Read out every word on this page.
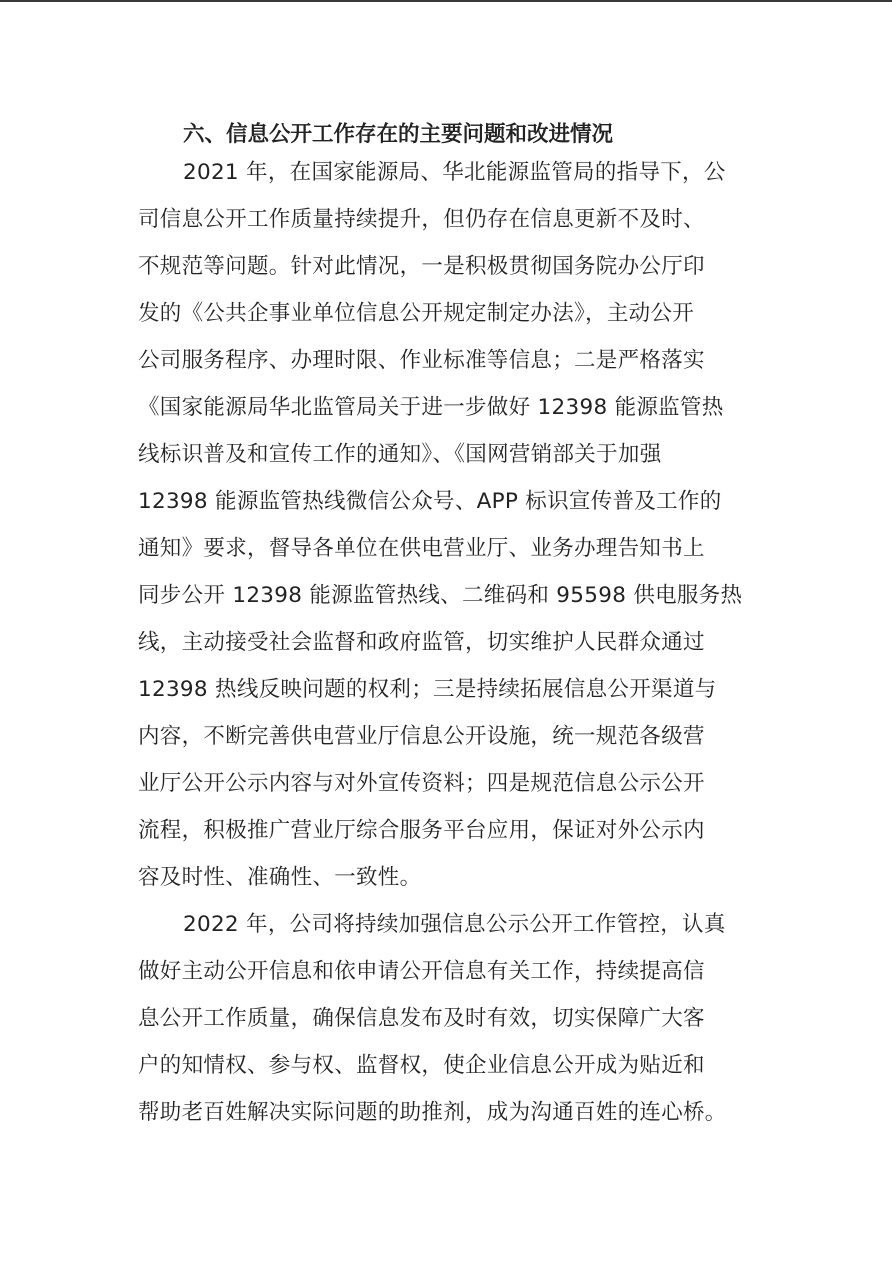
六、信息公开工作存在的主要问题和改进情况
2021 年，在国家能源局、华北能源监管局的指导下，公
司信息公开工作质量持续提升，但仍存在信息更新不及时、
不规范等问题。针对此情况，一是积极贯彻国务院办公厅印
发的《公共企事业单位信息公开规定制定办法》，主动公开
公司服务程序、办理时限、作业标准等信息；二是严格落实
《国家能源局华北监管局关于进一步做好 12398 能源监管热
线标识普及和宣传工作的通知》、《国网营销部关于加强
12398 能源监管热线微信公众号、APP 标识宣传普及工作的
通知》要求，督导各单位在供电营业厅、业务办理告知书上
同步公开 12398 能源监管热线、二维码和 95598 供电服务热
线，主动接受社会监督和政府监管，切实维护人民群众通过
12398 热线反映问题的权利；三是持续拓展信息公开渠道与
内容，不断完善供电营业厅信息公开设施，统一规范各级营
业厅公开公示内容与对外宣传资料；四是规范信息公示公开
流程，积极推广营业厅综合服务平台应用，保证对外公示内
容及时性、准确性、一致性。
2022 年，公司将持续加强信息公示公开工作管控，认真
做好主动公开信息和依申请公开信息有关工作，持续提高信
息公开工作质量，确保信息发布及时有效，切实保障广大客
户的知情权、参与权、监督权，使企业信息公开成为贴近和
帮助老百姓解决实际问题的助推剂，成为沟通百姓的连心桥。
